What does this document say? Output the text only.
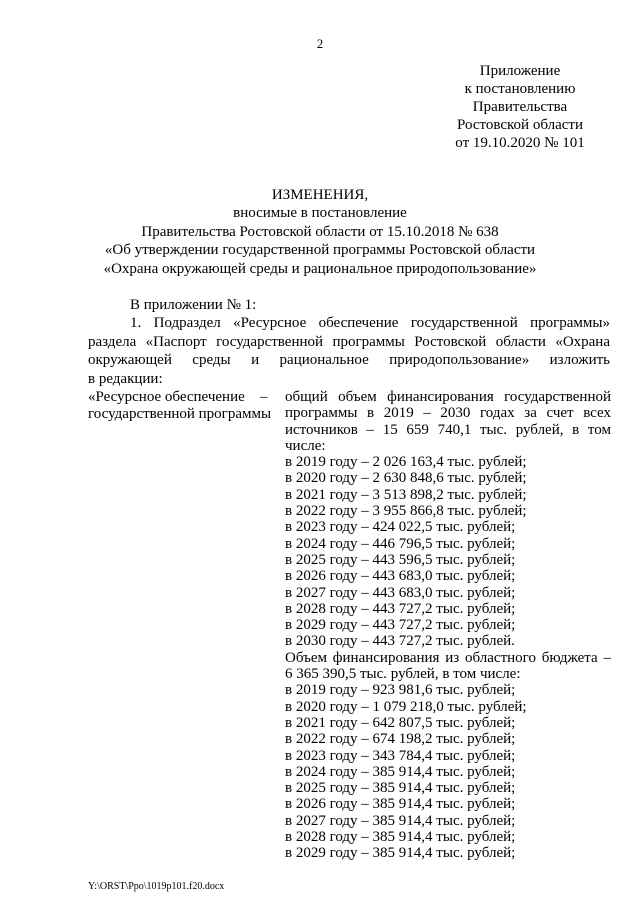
2
Приложение
к постановлению
Правительства
Ростовской области
от 19.10.2020 № 101
ИЗМЕНЕНИЯ,
вносимые в постановление
Правительства Ростовской области от 15.10.2018 № 638
«Об утверждении государственной программы Ростовской области
«Охрана окружающей среды и рациональное природопользование»
В приложении № 1:
1. Подраздел «Ресурсное обеспечение государственной программы» раздела «Паспорт государственной программы Ростовской области «Охрана окружающей среды и рациональное природопользование» изложить
в редакции:
«Ресурсное обеспечение государственной программы
– общий объем финансирования государственной программы в 2019 – 2030 годах за счет всех источников – 15 659 740,1 тыс. рублей, в том
числе:
в 2019 году – 2 026 163,4 тыс. рублей;
в 2020 году – 2 630 848,6 тыс. рублей;
в 2021 году – 3 513 898,2 тыс. рублей;
в 2022 году – 3 955 866,8 тыс. рублей;
в 2023 году – 424 022,5 тыс. рублей;
в 2024 году – 446 796,5 тыс. рублей;
в 2025 году – 443 596,5 тыс. рублей;
в 2026 году – 443 683,0 тыс. рублей;
в 2027 году – 443 683,0 тыс. рублей;
в 2028 году – 443 727,2 тыс. рублей;
в 2029 году – 443 727,2 тыс. рублей;
в 2030 году – 443 727,2 тыс. рублей.
Объем финансирования из областного бюджета –
6 365 390,5 тыс. рублей, в том числе:
в 2019 году – 923 981,6 тыс. рублей;
в 2020 году – 1 079 218,0 тыс. рублей;
в 2021 году – 642 807,5 тыс. рублей;
в 2022 году – 674 198,2 тыс. рублей;
в 2023 году – 343 784,4 тыс. рублей;
в 2024 году – 385 914,4 тыс. рублей;
в 2025 году – 385 914,4 тыс. рублей;
в 2026 году – 385 914,4 тыс. рублей;
в 2027 году – 385 914,4 тыс. рублей;
в 2028 году – 385 914,4 тыс. рублей;
в 2029 году – 385 914,4 тыс. рублей;
Y:\ORST\Ppo\1019p101.f20.docx
